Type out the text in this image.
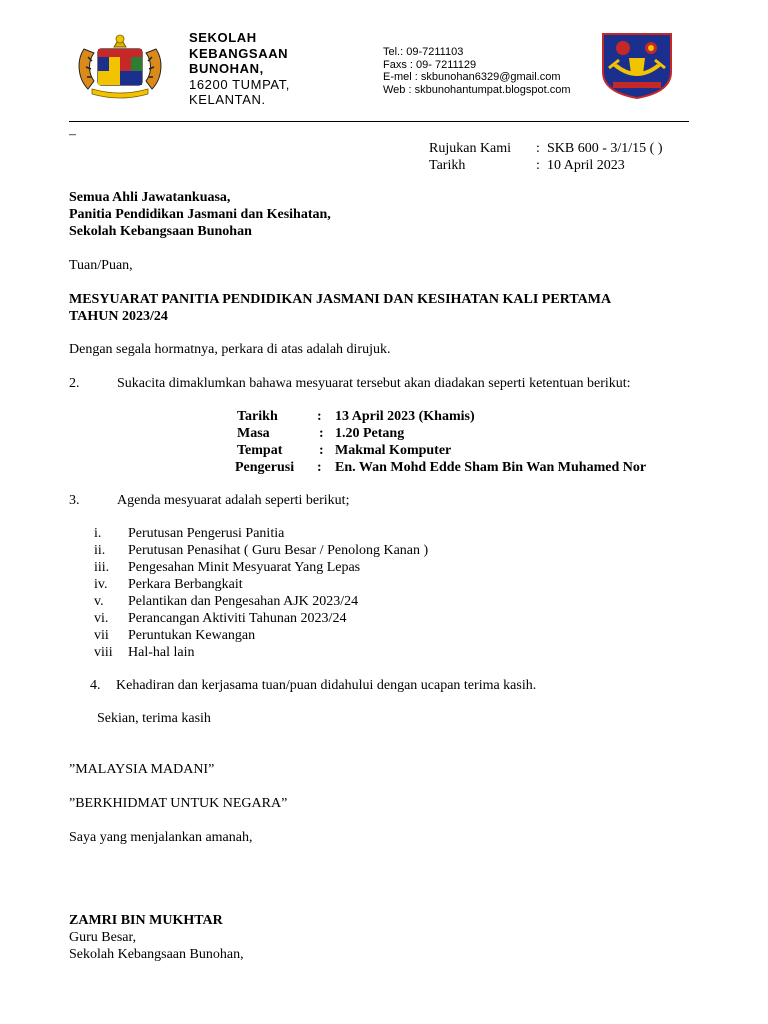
SEKOLAH
KEBANGSAAN
BUNOHAN,
16200 TUMPAT,
KELANTAN.
Tel.: 09-7211103
Faxs : 09- 7211129
E-mel : skbunohan6329@gmail.com
Web : skbunohantumpat.blogspot.com
–
Rujukan Kami : SKB 600 - 3/1/15 ( )
Tarikh	: 10 April 2023
Semua Ahli Jawatankuasa,
Panitia Pendidikan Jasmani dan Kesihatan,
Sekolah Kebangsaan Bunohan
Tuan/Puan,
MESYUARAT PANITIA PENDIDIKAN JASMANI DAN KESIHATAN KALI PERTAMA
TAHUN 2023/24
Dengan segala hormatnya, perkara di atas adalah dirujuk.
2.	Sukacita dimaklumkan bahawa mesyuarat tersebut akan diadakan seperti ketentuan berikut:
Tarikh	: 13 April 2023 (Khamis)
Masa	: 1.20 Petang
Tempat	: Makmal Komputer
Pengerusi : En. Wan Mohd Edde Sham Bin Wan Muhamed Nor
3.	Agenda mesyuarat adalah seperti berikut;
i. Perutusan Pengerusi Panitia
ii. Perutusan Penasihat ( Guru Besar / Penolong Kanan )
iii. Pengesahan Minit Mesyuarat Yang Lepas
iv. Perkara Berbangkait
v. Pelantikan dan Pengesahan AJK 2023/24
vi. Perancangan Aktiviti Tahunan 2023/24
vii Peruntukan Kewangan
viii Hal-hal lain
4. Kehadiran dan kerjasama tuan/puan didahului dengan ucapan terima kasih.
Sekian, terima kasih
”MALAYSIA MADANI”
”BERKHIDMAT UNTUK NEGARA”
Saya yang menjalankan amanah,
ZAMRI BIN MUKHTAR
Guru Besar,
Sekolah Kebangsaan Bunohan,
